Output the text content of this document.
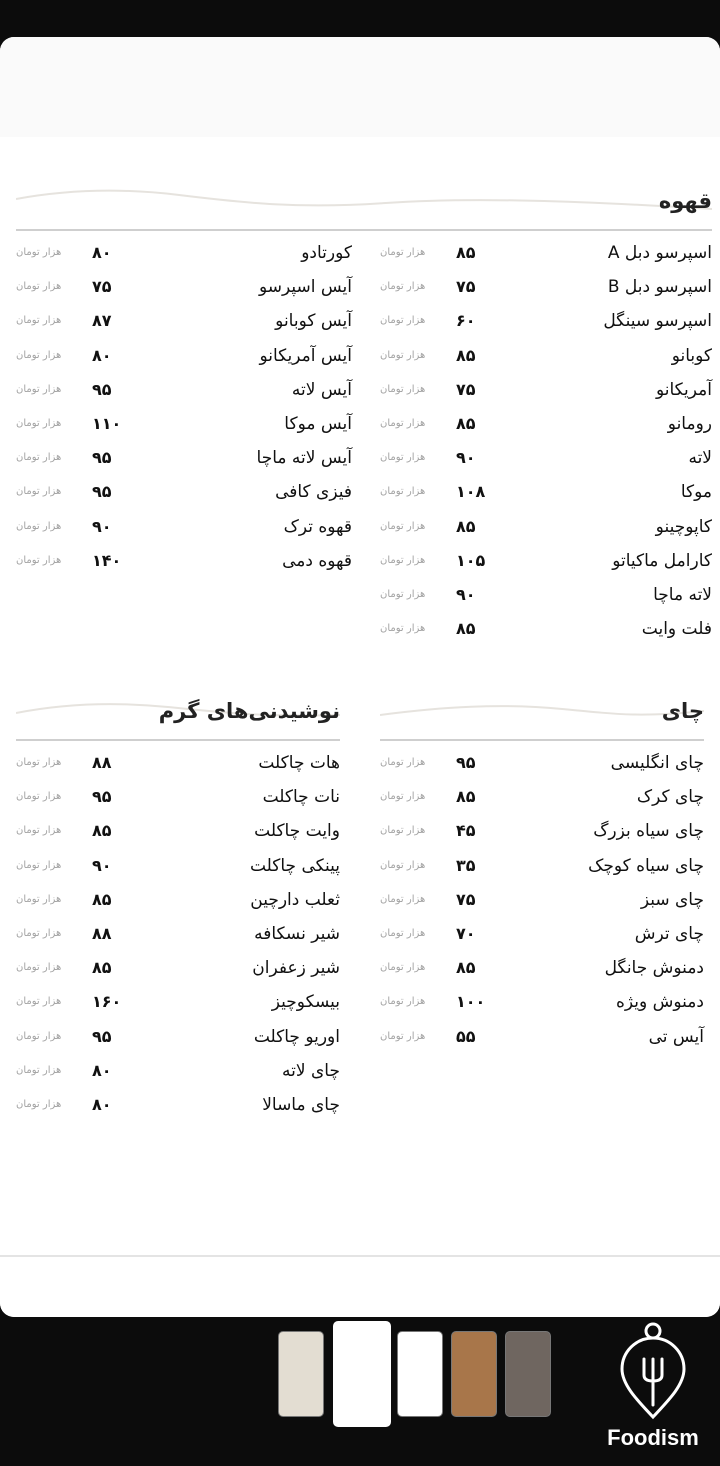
قهوه
اسپرسو دبل A
۸۵
هزار تومان
اسپرسو دبل B
۷۵
هزار تومان
اسپرسو سینگل
۶۰
هزار تومان
کوبانو
۸۵
هزار تومان
آمریکانو
۷۵
هزار تومان
رومانو
۸۵
هزار تومان
لاته
۹۰
هزار تومان
موکا
۱۰۸
هزار تومان
کاپوچینو
۸۵
هزار تومان
کارامل ماکیاتو
۱۰۵
هزار تومان
لاته ماچا
۹۰
هزار تومان
فلت وایت
۸۵
هزار تومان
کورتادو
۸۰
هزار تومان
آیس اسپرسو
۷۵
هزار تومان
آیس کوبانو
۸۷
هزار تومان
آیس آمریکانو
۸۰
هزار تومان
آیس لاته
۹۵
هزار تومان
آیس موکا
۱۱۰
هزار تومان
آیس لاته ماچا
۹۵
هزار تومان
فیزی کافی
۹۵
هزار تومان
قهوه ترک
۹۰
هزار تومان
قهوه دمی
۱۴۰
هزار تومان
نوشیدنی‌های گرم
هات چاکلت
۸۸
هزار تومان
نات چاکلت
۹۵
هزار تومان
وایت چاکلت
۸۵
هزار تومان
پینکی چاکلت
۹۰
هزار تومان
ثعلب دارچین
۸۵
هزار تومان
شیر نسکافه
۸۸
هزار تومان
شیر زعفران
۸۵
هزار تومان
بیسکوچیز
۱۶۰
هزار تومان
اوریو چاکلت
۹۵
هزار تومان
چای لاته
۸۰
هزار تومان
چای ماسالا
۸۰
هزار تومان
چای
چای انگلیسی
۹۵
هزار تومان
چای کرک
۸۵
هزار تومان
چای سیاه بزرگ
۴۵
هزار تومان
چای سیاه کوچک
۳۵
هزار تومان
چای سبز
۷۵
هزار تومان
چای ترش
۷۰
هزار تومان
دمنوش جانگل
۸۵
هزار تومان
دمنوش ویژه
۱۰۰
هزار تومان
آیس تی
۵۵
هزار تومان
Foodism
